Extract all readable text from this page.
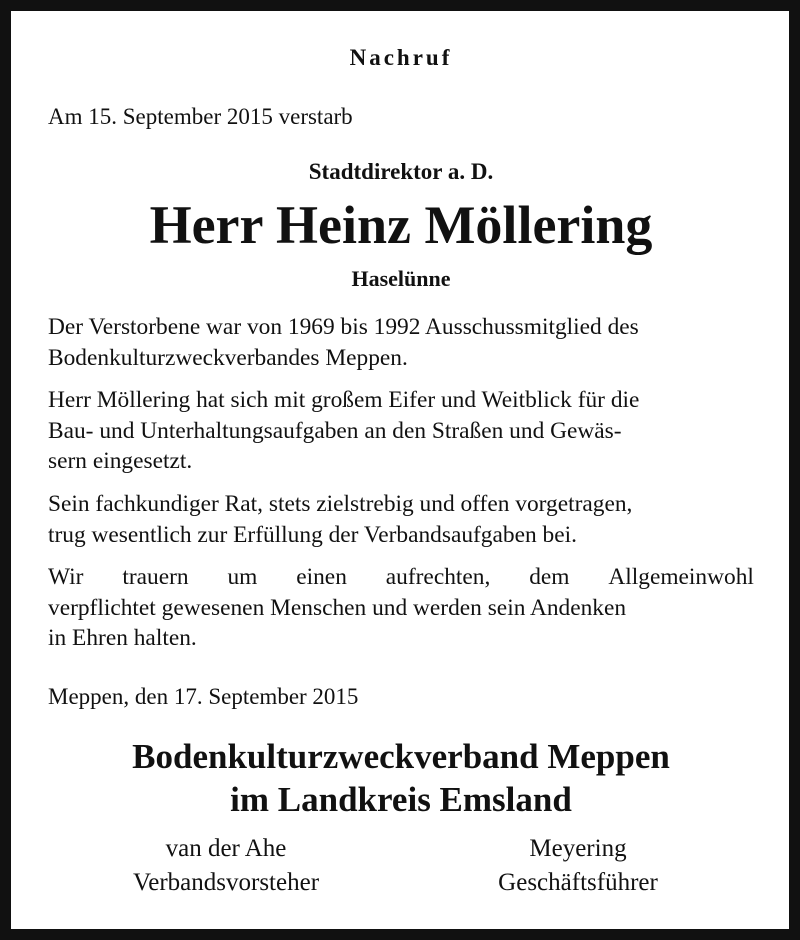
Nachruf
Am 15. September 2015 verstarb
Stadtdirektor a. D.
Herr Heinz Möllering
Haselünne
Der Verstorbene war von 1969 bis 1992 Ausschussmitglied des
Bodenkulturzweckverbandes Meppen.
Herr Möllering hat sich mit großem Eifer und Weitblick für die
Bau- und Unterhaltungsaufgaben an den Straßen und Gewäs-
sern eingesetzt.
Sein fachkundiger Rat, stets zielstrebig und offen vorgetragen,
trug wesentlich zur Erfüllung der Verbandsaufgaben bei.
Wir trauern um einen aufrechten, dem Allgemeinwohl
verpflichtet gewesenen Menschen und werden sein Andenken
in Ehren halten.
Meppen, den 17. September 2015
Bodenkulturzweckverband Meppen
im Landkreis Emsland
van der Ahe
Verbandsvorsteher
Meyering
Geschäftsführer
